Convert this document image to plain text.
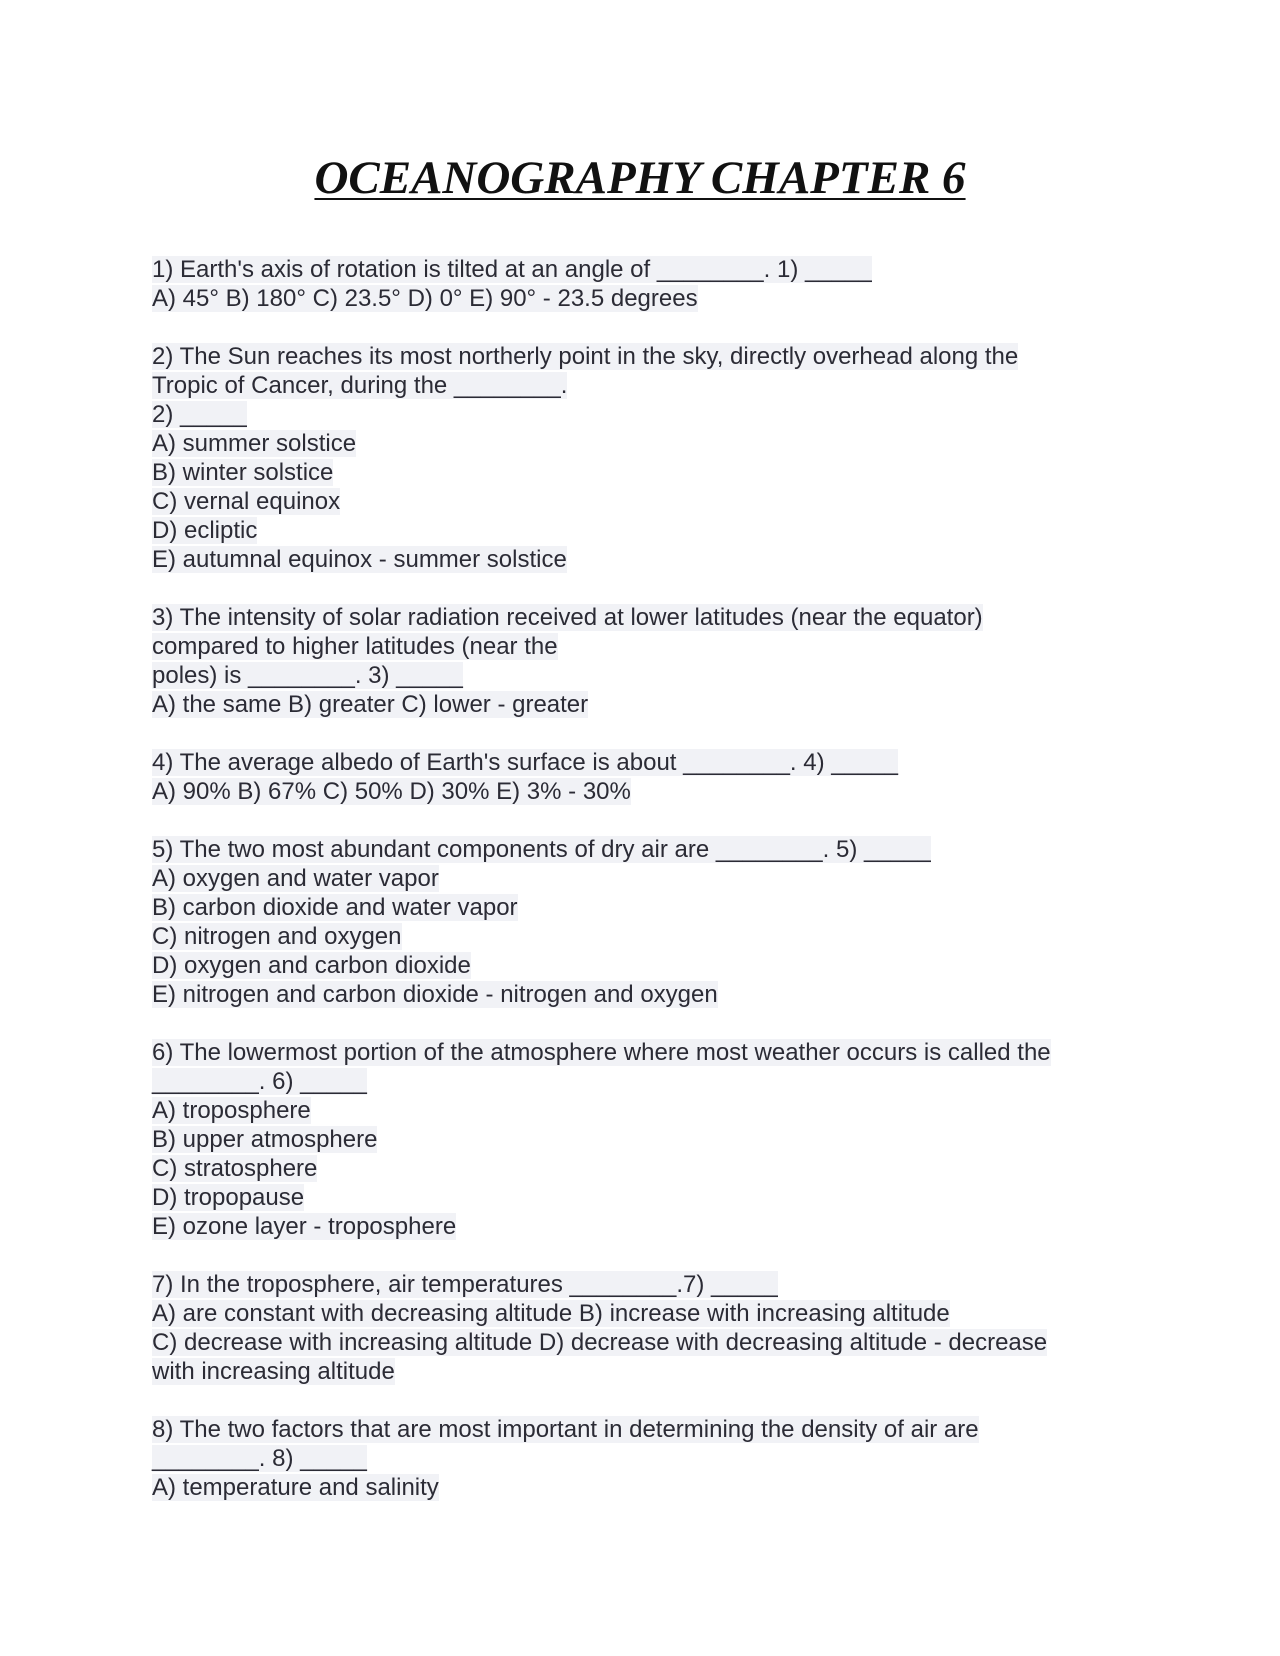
OCEANOGRAPHY CHAPTER 6
1) Earth's axis of rotation is tilted at an angle of ________. 1) _____
A) 45° B) 180° C) 23.5° D) 0° E) 90° - 23.5 degrees
2) The Sun reaches its most northerly point in the sky, directly overhead along the
Tropic of Cancer, during the ________.
2) _____
A) summer solstice
B) winter solstice
C) vernal equinox
D) ecliptic
E) autumnal equinox - summer solstice
3) The intensity of solar radiation received at lower latitudes (near the equator)
compared to higher latitudes (near the
poles) is ________. 3) _____
A) the same B) greater C) lower - greater
4) The average albedo of Earth's surface is about ________. 4) _____
A) 90% B) 67% C) 50% D) 30% E) 3% - 30%
5) The two most abundant components of dry air are ________. 5) _____
A) oxygen and water vapor
B) carbon dioxide and water vapor
C) nitrogen and oxygen
D) oxygen and carbon dioxide
E) nitrogen and carbon dioxide - nitrogen and oxygen
6) The lowermost portion of the atmosphere where most weather occurs is called the
________. 6) _____
A) troposphere
B) upper atmosphere
C) stratosphere
D) tropopause
E) ozone layer - troposphere
7) In the troposphere, air temperatures ________.7) _____
A) are constant with decreasing altitude B) increase with increasing altitude
C) decrease with increasing altitude D) decrease with decreasing altitude - decrease
with increasing altitude
8) The two factors that are most important in determining the density of air are
________. 8) _____
A) temperature and salinity
